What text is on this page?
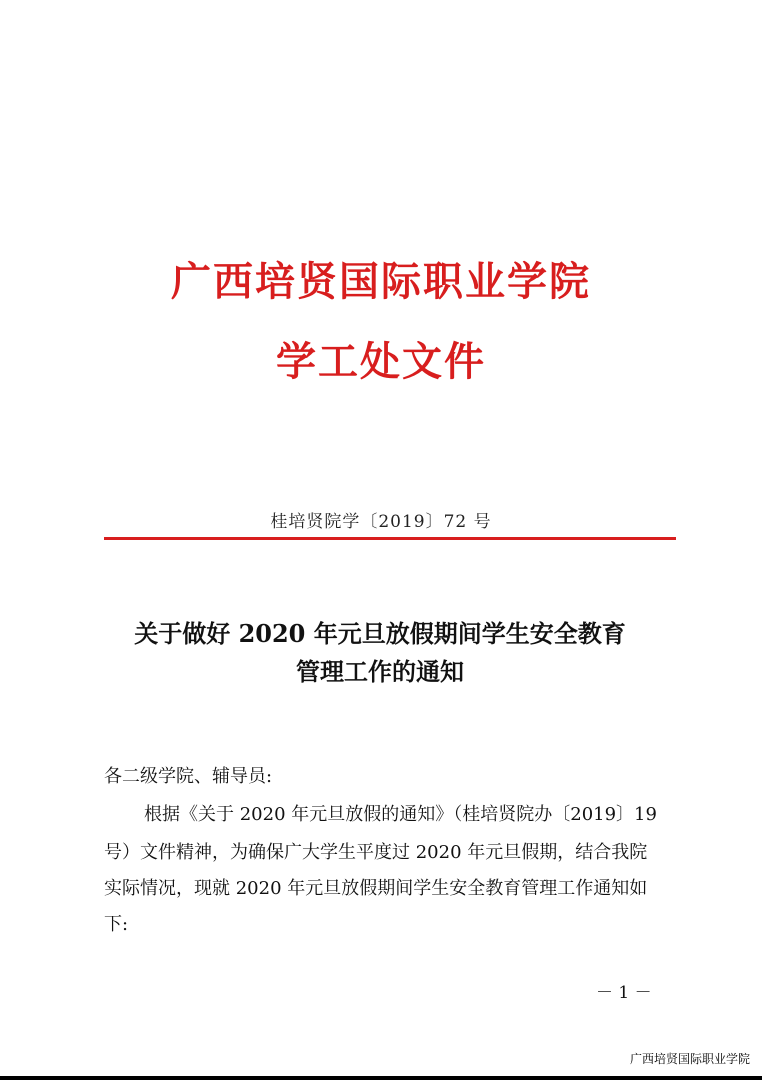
广西培贤国际职业学院
学工处文件
桂培贤院学〔2019〕72 号
关于做好 2020 年元旦放假期间学生安全教育
管理工作的通知
各二级学院、辅导员:
根据《关于 2020 年元旦放假的通知》（桂培贤院办〔2019〕19
号）文件精神，为确保广大学生平度过 2020 年元旦假期，结合我院
实际情况，现就 2020 年元旦放假期间学生安全教育管理工作通知如
下:
－ 1 －
广西培贤国际职业学院
